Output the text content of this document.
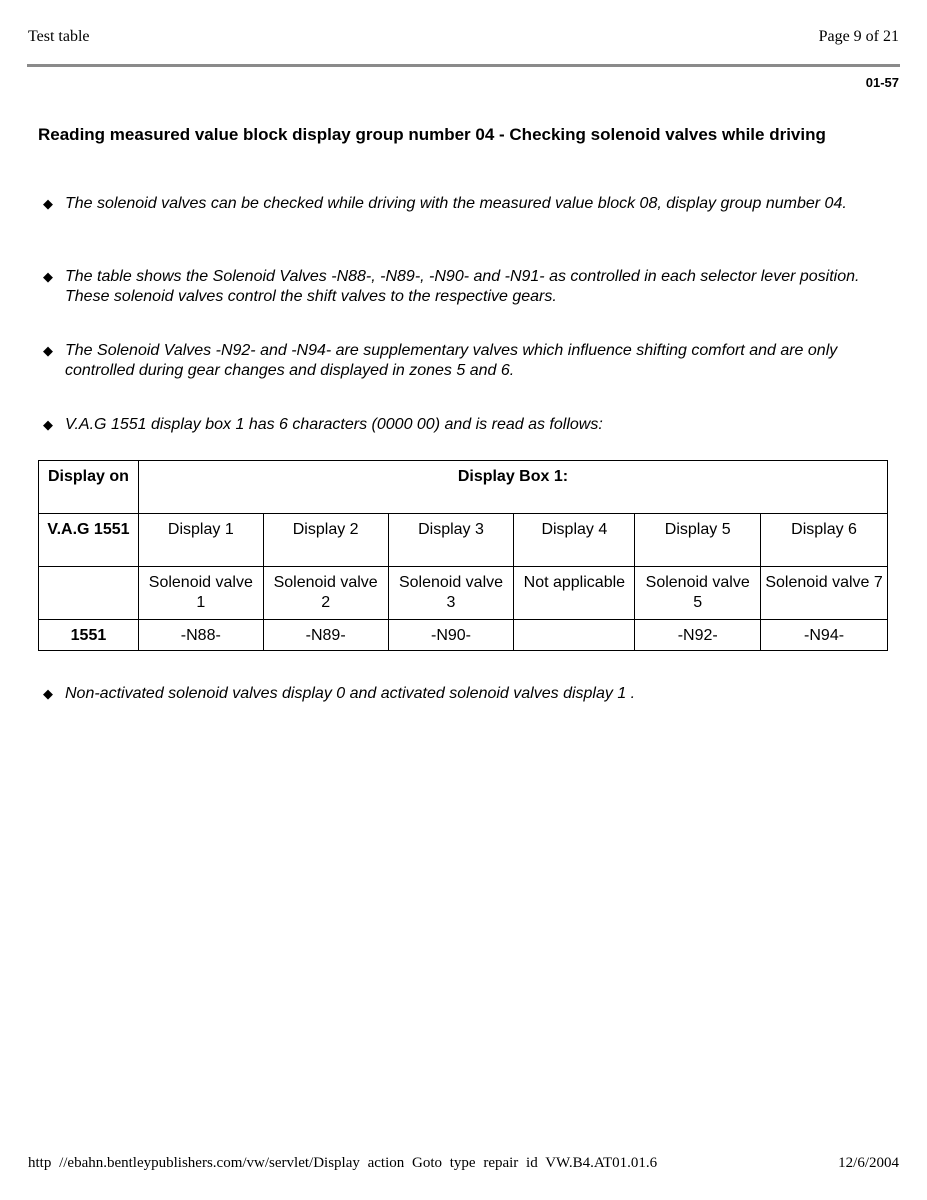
Test table	Page 9 of 21
01-57
Reading measured value block display group number 04 - Checking solenoid valves while driving
◆ The solenoid valves can be checked while driving with the measured value block 08, display group number 04.
◆ The table shows the Solenoid Valves -N88-, -N89-, -N90- and -N91- as controlled in each selector lever position. These solenoid valves control the shift valves to the respective gears.
◆ The Solenoid Valves -N92- and -N94- are supplementary valves which influence shifting comfort and are only controlled during gear changes and displayed in zones 5 and 6.
◆ V.A.G 1551 display box 1 has 6 characters (0000 00) and is read as follows:
Display on	Display Box 1:					
V.A.G 1551	Display 1	Display 2	Display 3	Display 4	Display 5	Display 6
	Solenoid valve 1	Solenoid valve 2	Solenoid valve 3	Not applicable	Solenoid valve 5	Solenoid valve 7
1551	-N88-	-N89-	-N90-		-N92-	-N94-
◆ Non-activated solenoid valves display 0 and activated solenoid valves display 1 .
http //ebahn.bentleypublishers.com/vw/servlet/Display action Goto type repair id VW.B4.AT01.01.6	12/6/2004
